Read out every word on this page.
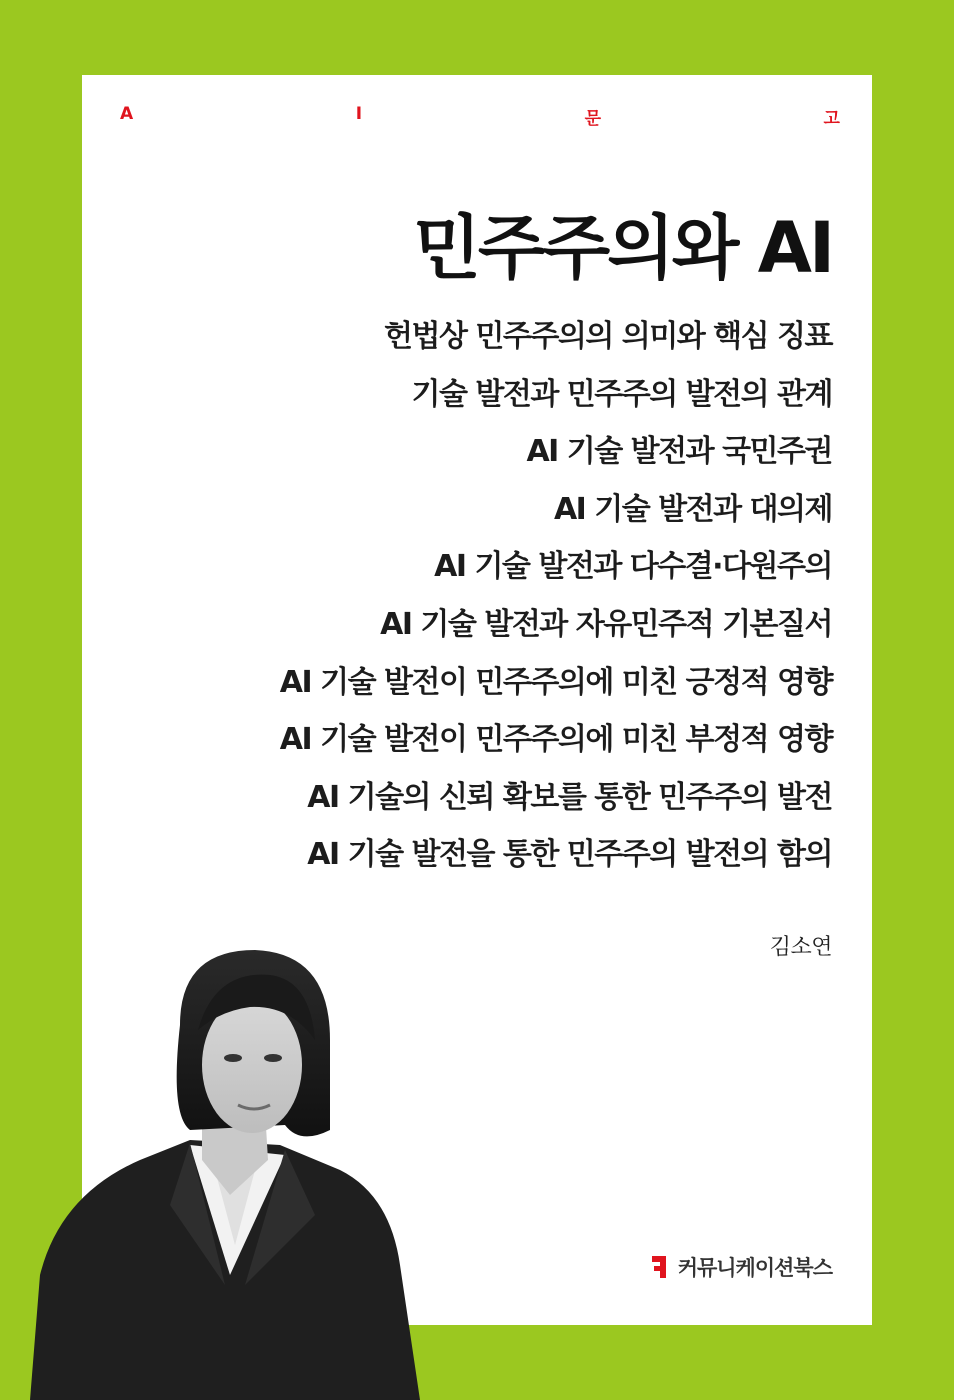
A	I	문	고
민주주의와 AI
헌법상 민주주의의 의미와 핵심 징표
기술 발전과 민주주의 발전의 관계
AI 기술 발전과 국민주권
AI 기술 발전과 대의제
AI 기술 발전과 다수결·다원주의
AI 기술 발전과 자유민주적 기본질서
AI 기술 발전이 민주주의에 미친 긍정적 영향
AI 기술 발전이 민주주의에 미친 부정적 영향
AI 기술의 신뢰 확보를 통한 민주주의 발전
AI 기술 발전을 통한 민주주의 발전의 함의
김소연
커뮤니케이션북스
